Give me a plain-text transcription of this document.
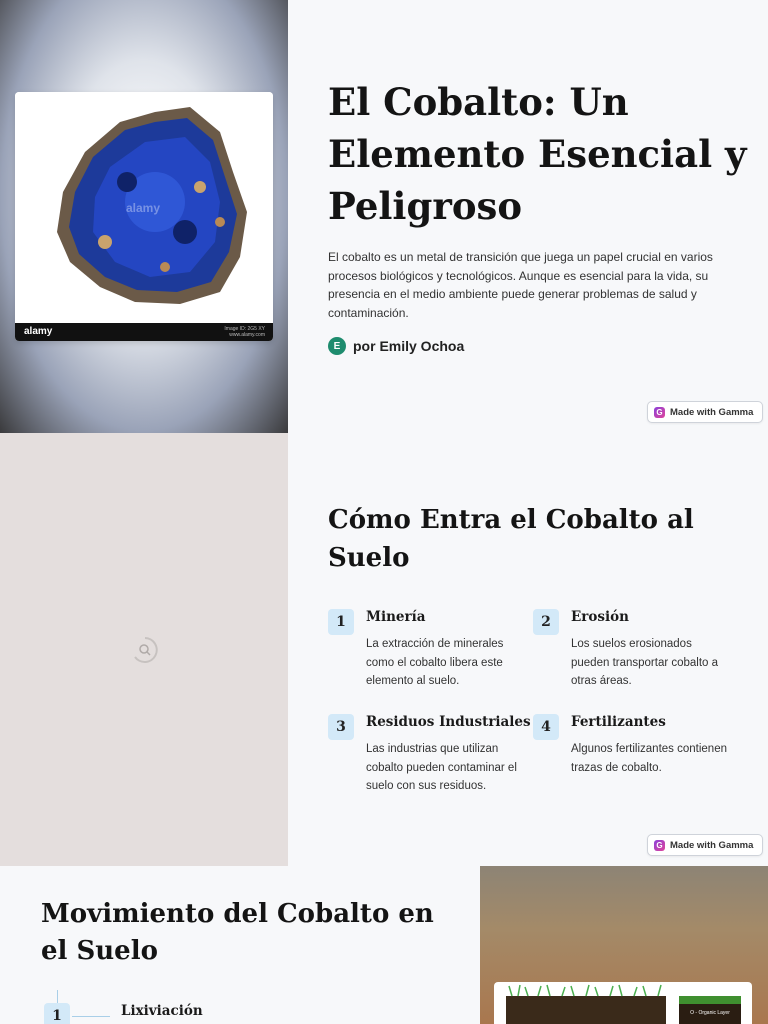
alamy
alamy	Image ID: 2G5 XY
www.alamy.com
El Cobalto: Un Elemento Esencial y Peligroso

El cobalto es un metal de transición que juega un papel crucial en varios procesos biológicos y tecnológicos. Aunque es esencial para la vida, su presencia en el medio ambiente puede generar problemas de salud y contaminación.

E por Emily Ochoa
G Made with Gamma
Cómo Entra el Cobalto al Suelo
1	Minería
La extracción de minerales como el cobalto libera este elemento al suelo.
2	Erosión
Los suelos erosionados pueden transportar cobalto a otras áreas.
3	Residuos Industriales
Las industrias que utilizan cobalto pueden contaminar el suelo con sus residuos.
4	Fertilizantes
Algunos fertilizantes contienen trazas de cobalto.
G Made with Gamma
Movimiento del Cobalto en el Suelo
1	Lixiviación	O - Organic Layer
